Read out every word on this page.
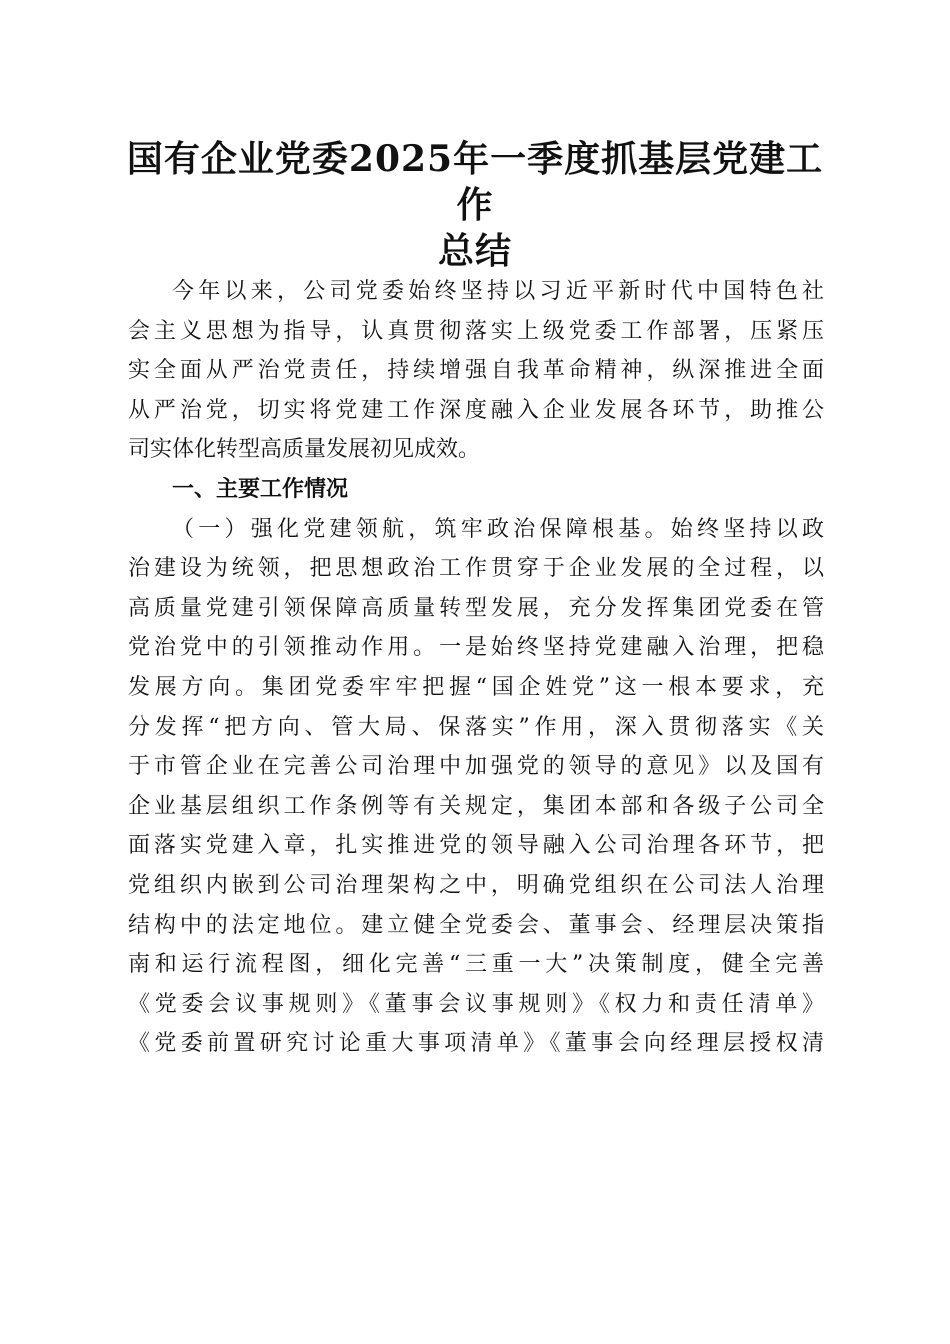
国有企业党委2025年一季度抓基层党建工作
总结
今年以来，公司党委始终坚持以习近平新时代中国特色社
会主义思想为指导，认真贯彻落实上级党委工作部署，压紧压
实全面从严治党责任，持续增强自我革命精神，纵深推进全面
从严治党，切实将党建工作深度融入企业发展各环节，助推公
司实体化转型高质量发展初见成效。
一、主要工作情况
（一）强化党建领航，筑牢政治保障根基。始终坚持以政
治建设为统领，把思想政治工作贯穿于企业发展的全过程，以
高质量党建引领保障高质量转型发展，充分发挥集团党委在管
党治党中的引领推动作用。一是始终坚持党建融入治理，把稳
发展方向。集团党委牢牢把握“国企姓党”这一根本要求，充
分发挥“把方向、管大局、保落实”作用，深入贯彻落实《关
于市管企业在完善公司治理中加强党的领导的意见》以及国有
企业基层组织工作条例等有关规定，集团本部和各级子公司全
面落实党建入章，扎实推进党的领导融入公司治理各环节，把
党组织内嵌到公司治理架构之中，明确党组织在公司法人治理
结构中的法定地位。建立健全党委会、董事会、经理层决策指
南和运行流程图，细化完善“三重一大”决策制度，健全完善
《党委会议事规则》《董事会议事规则》《权力和责任清单》
《党委前置研究讨论重大事项清单》《董事会向经理层授权清
